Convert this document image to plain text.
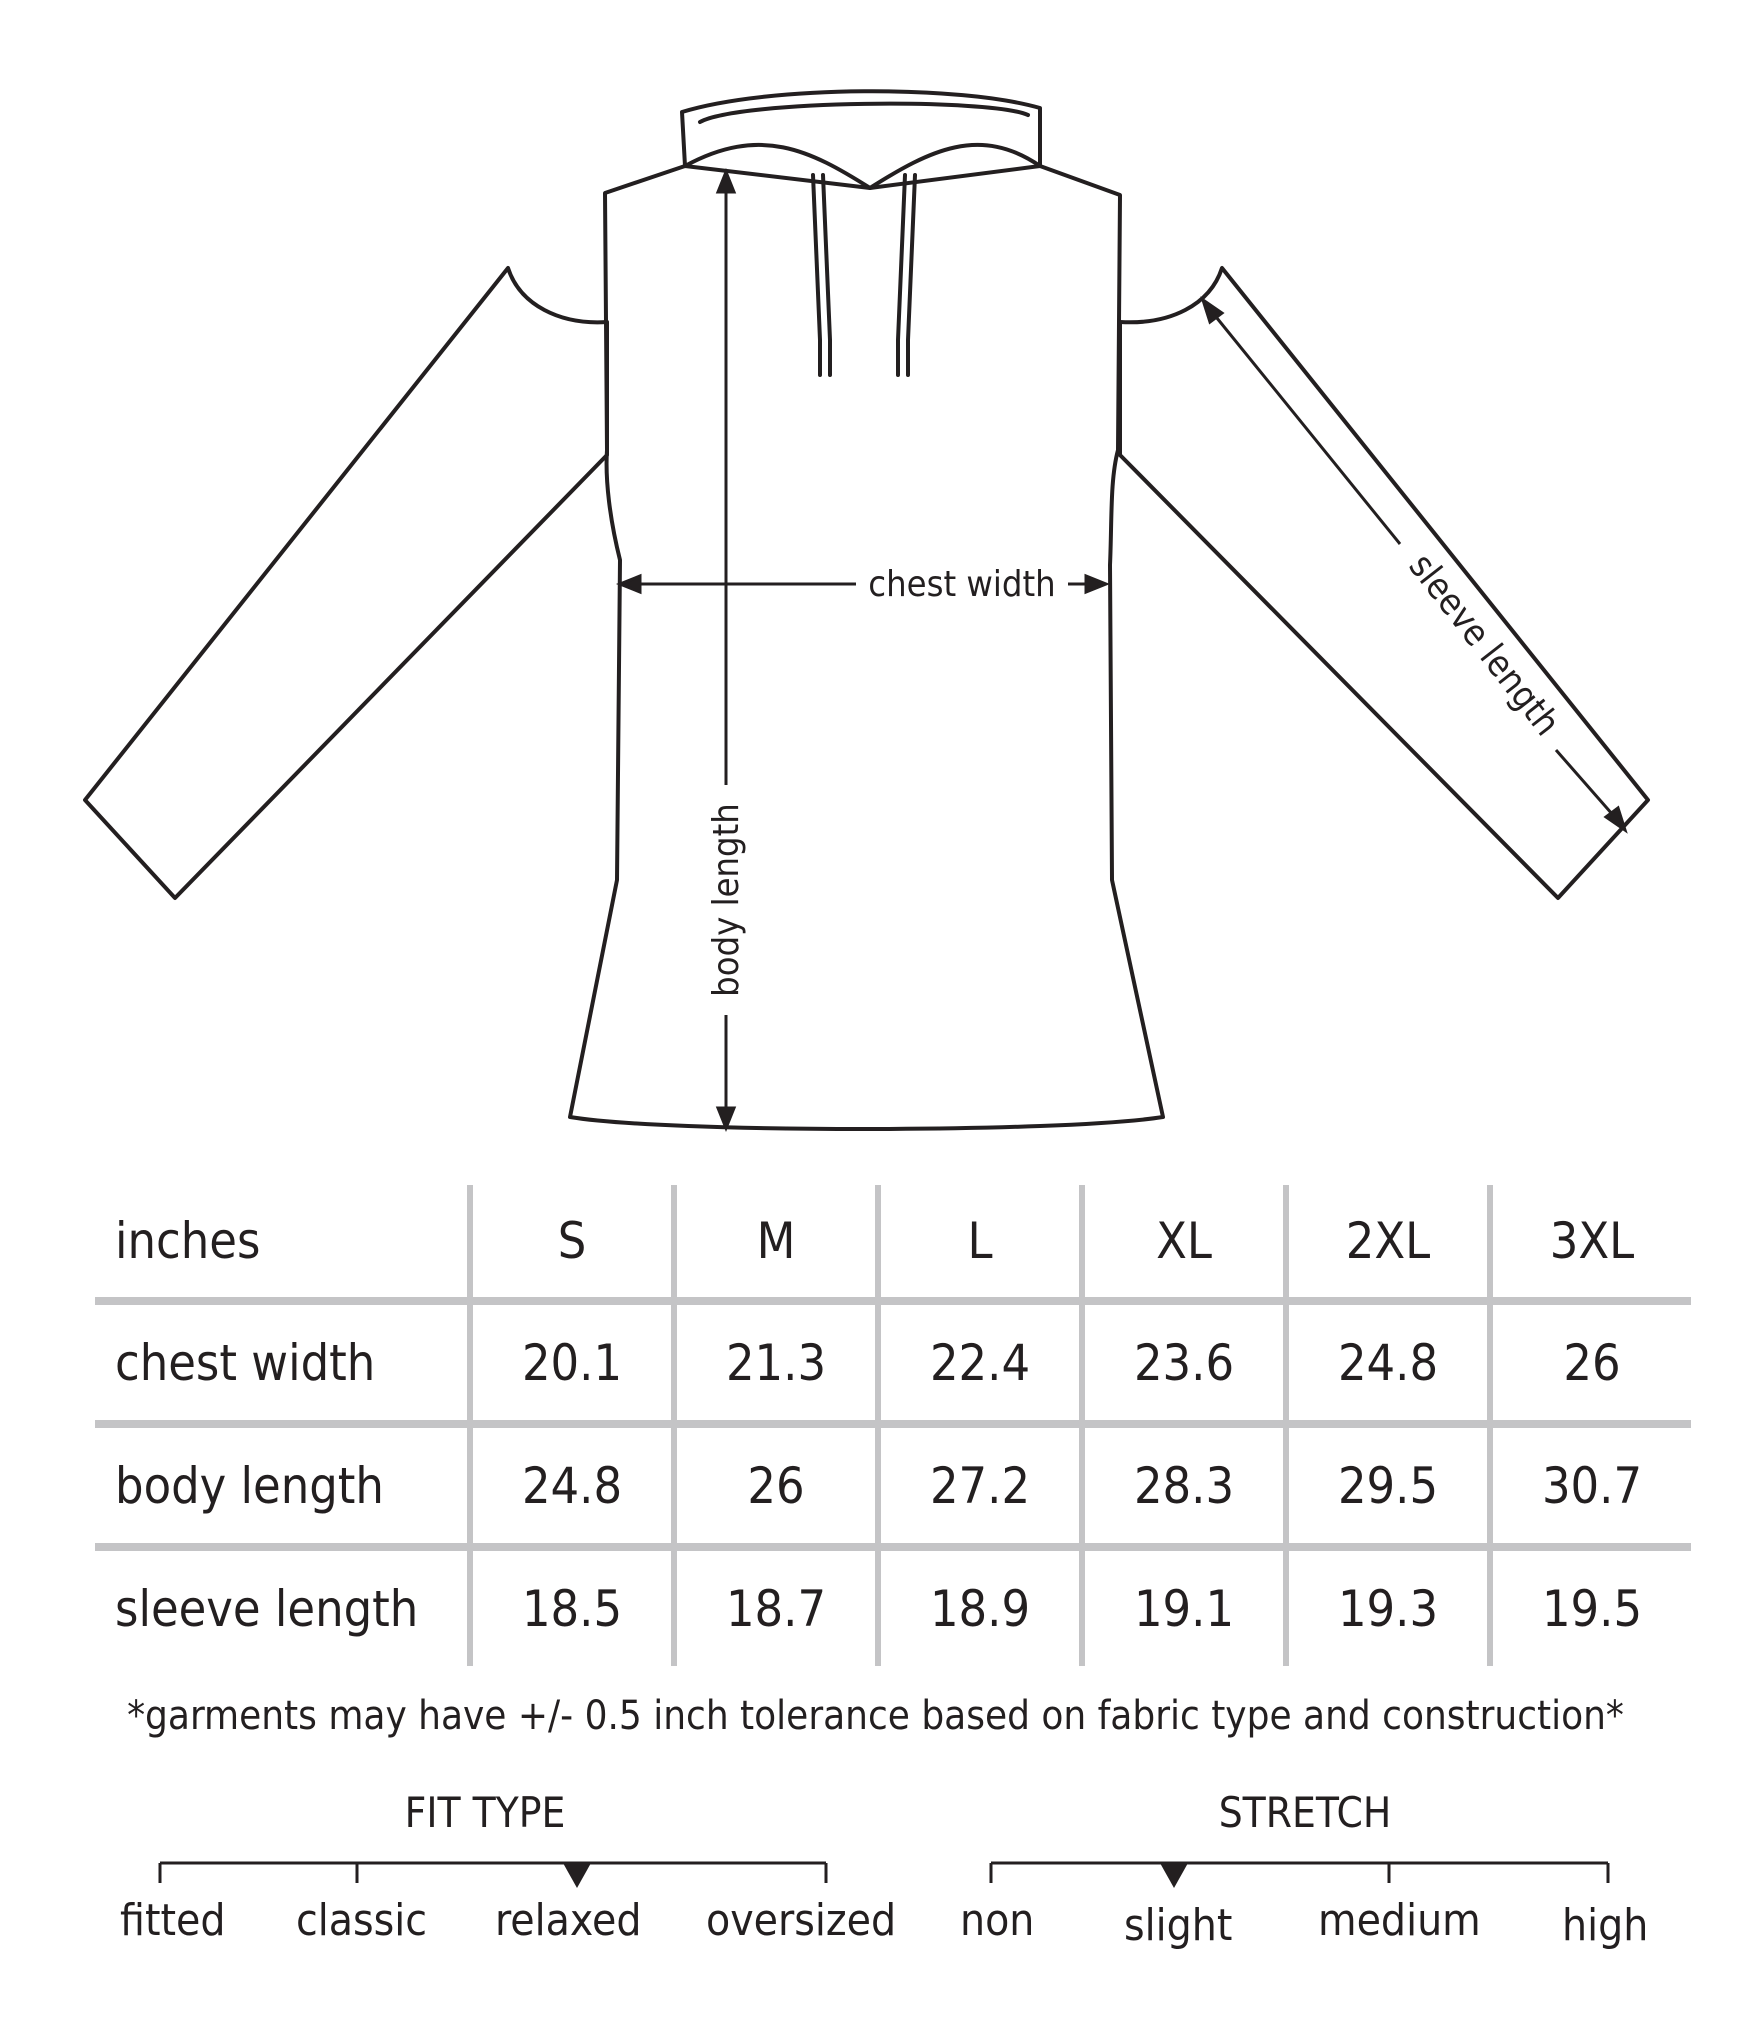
body length
chest width	sleeve length
inches	S	M	L	XL	2XL	3XL
chest width	20.1	21.3	22.4	23.6	24.8	26
body length	24.8	26	27.2	28.3	29.5	30.7
sleeve length	18.5	18.7	18.9	19.1	19.3	19.5
*garments may have +/- 0.5 inch tolerance based on fabric type and construction*
FIT TYPE	STRETCH
fitted classic relaxed oversized non slight medium high
